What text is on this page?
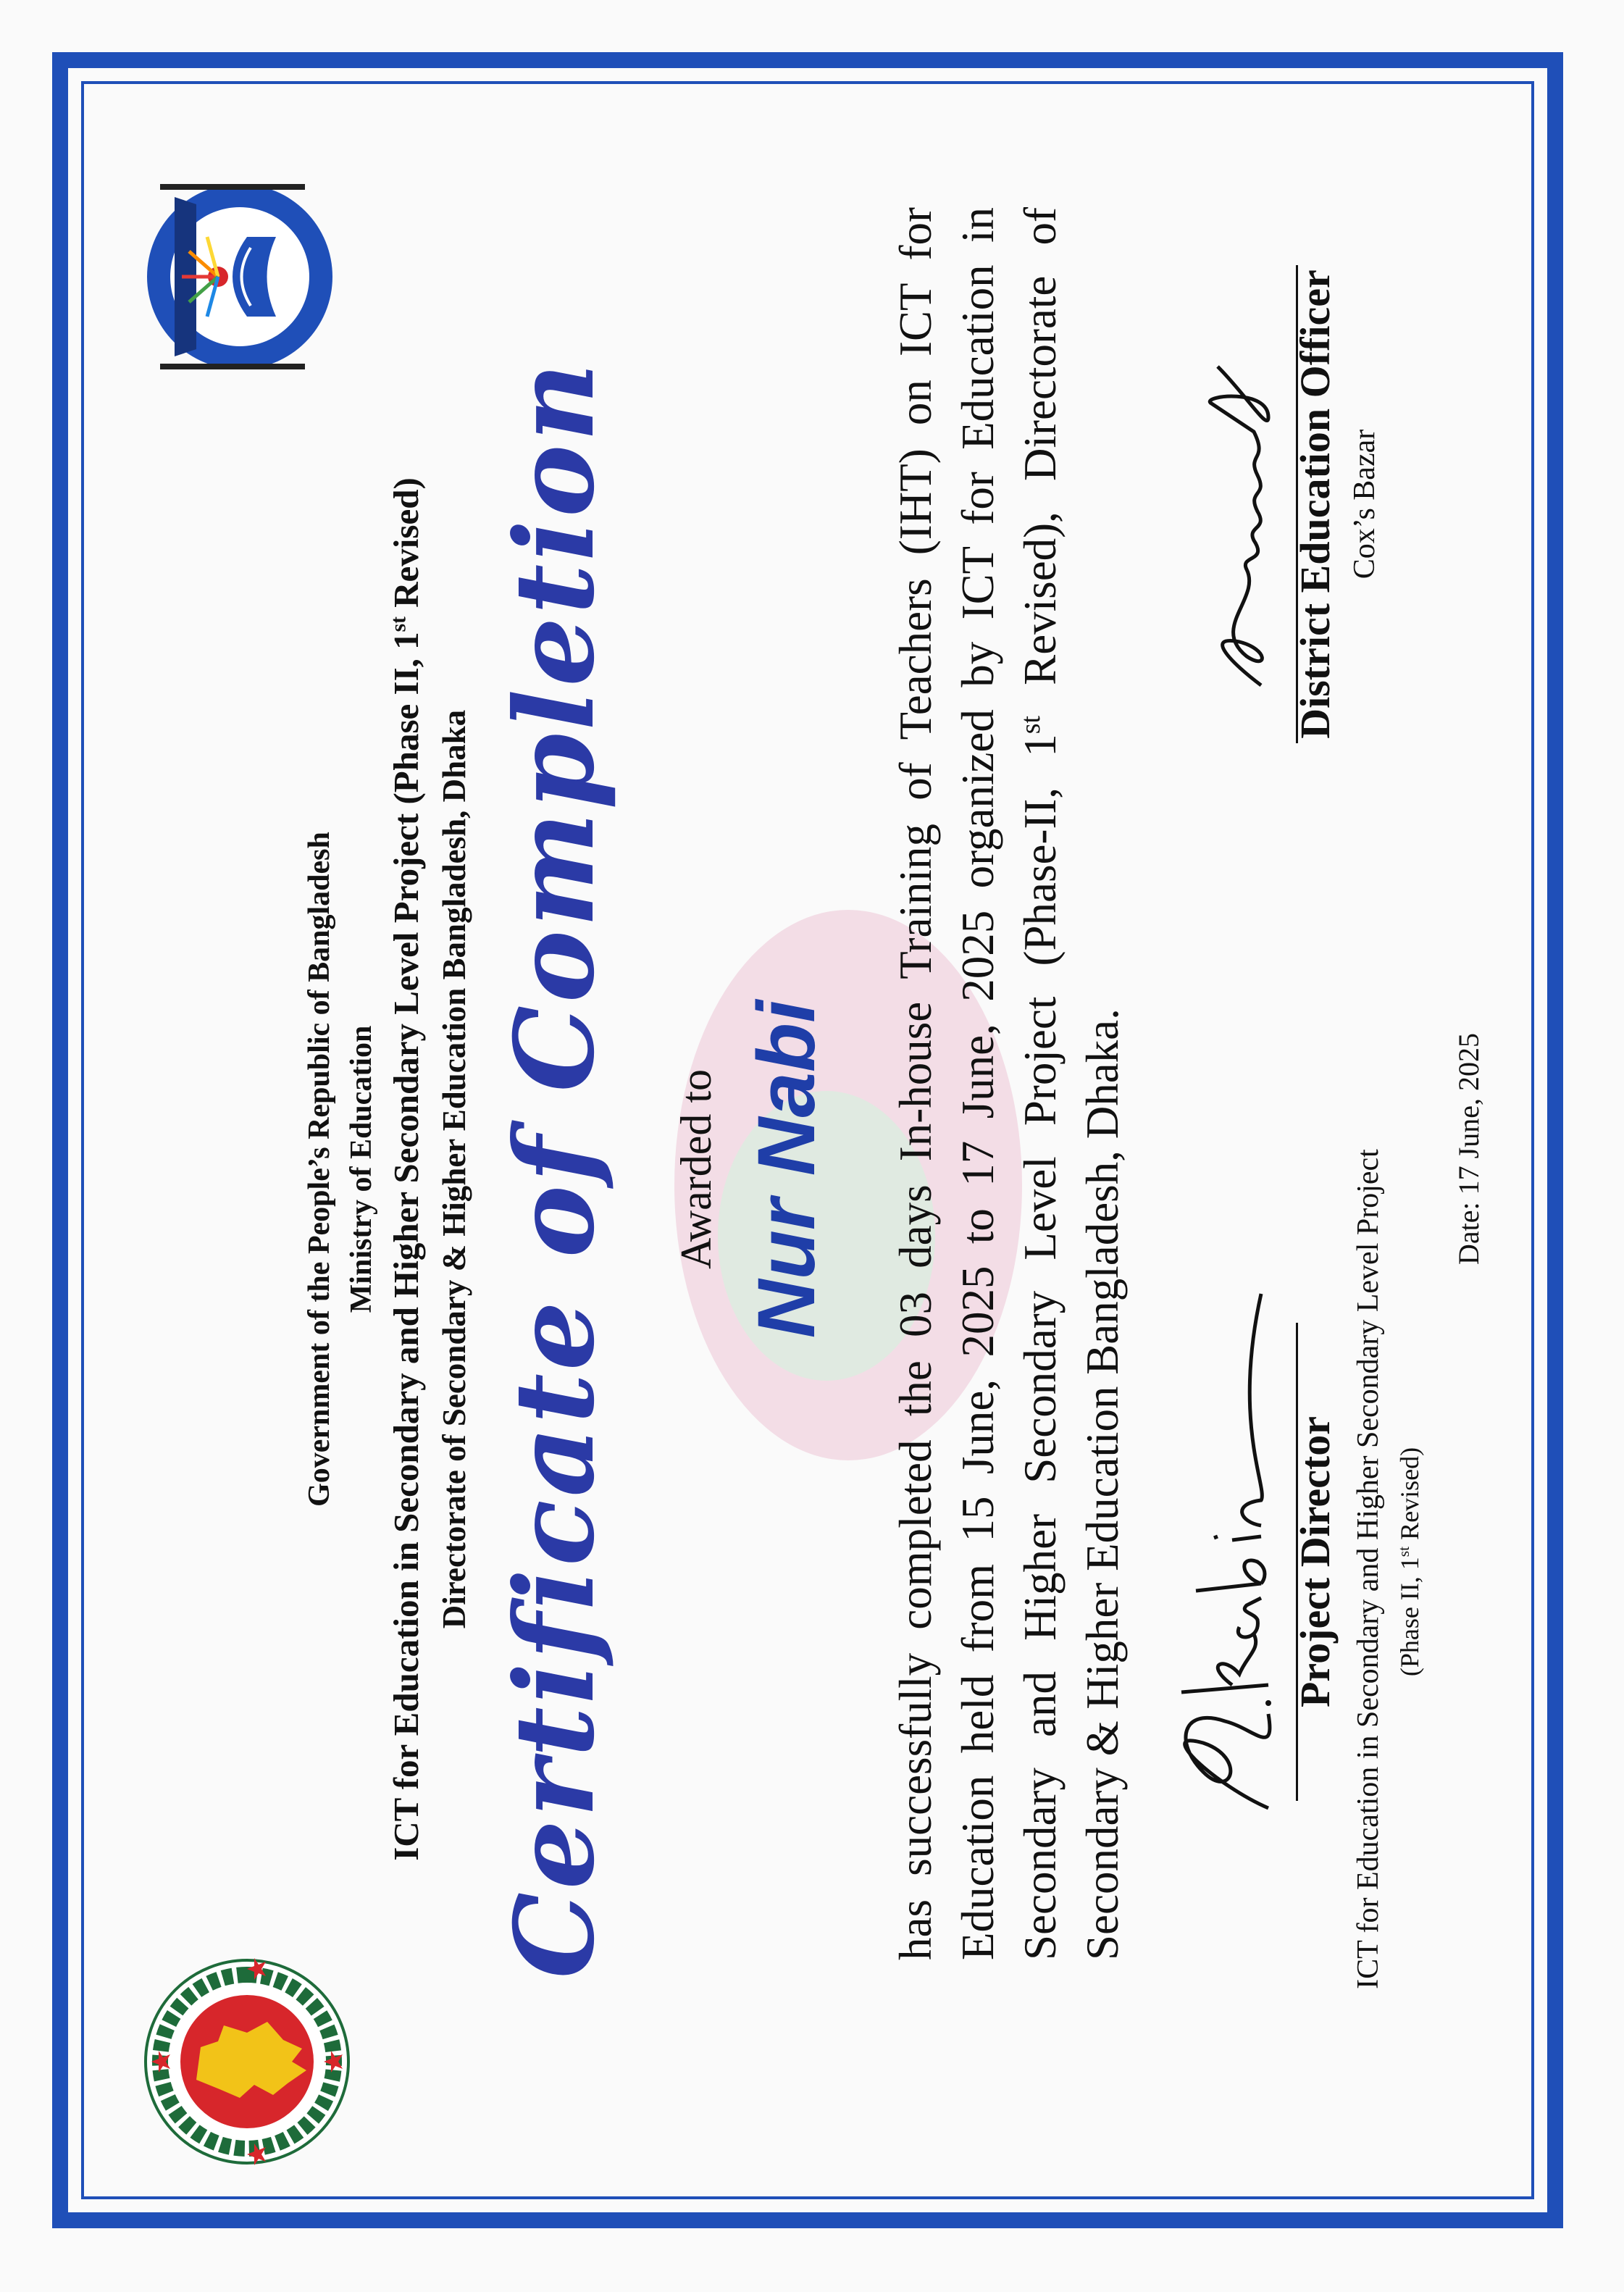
Government of the People’s Republic of Bangladesh Ministry of Education ICT for Education in Secondary and Higher Secondary Level Project (Phase II, 1st Revised)
Directorate of Secondary & Higher Education Bangladesh, Dhaka Certificate of Completion Awarded to Nur Nabi has successfully completed the 03 days In-house Training of Teachers (IHT) on ICT for Education held from 15 June, 2025 to 17 June, 2025 organized by ICT for Education in Secondary and Higher Secondary Level Project (Phase-II, 1st Revised), Directorate of Secondary & Higher Education Bangladesh, Dhaka.	Project Director ICT for Education in Secondary and Higher Secondary Level Project (Phase II, 1st Revised)
District Education Officer Cox’s Bazar
Date: 17 June, 2025
